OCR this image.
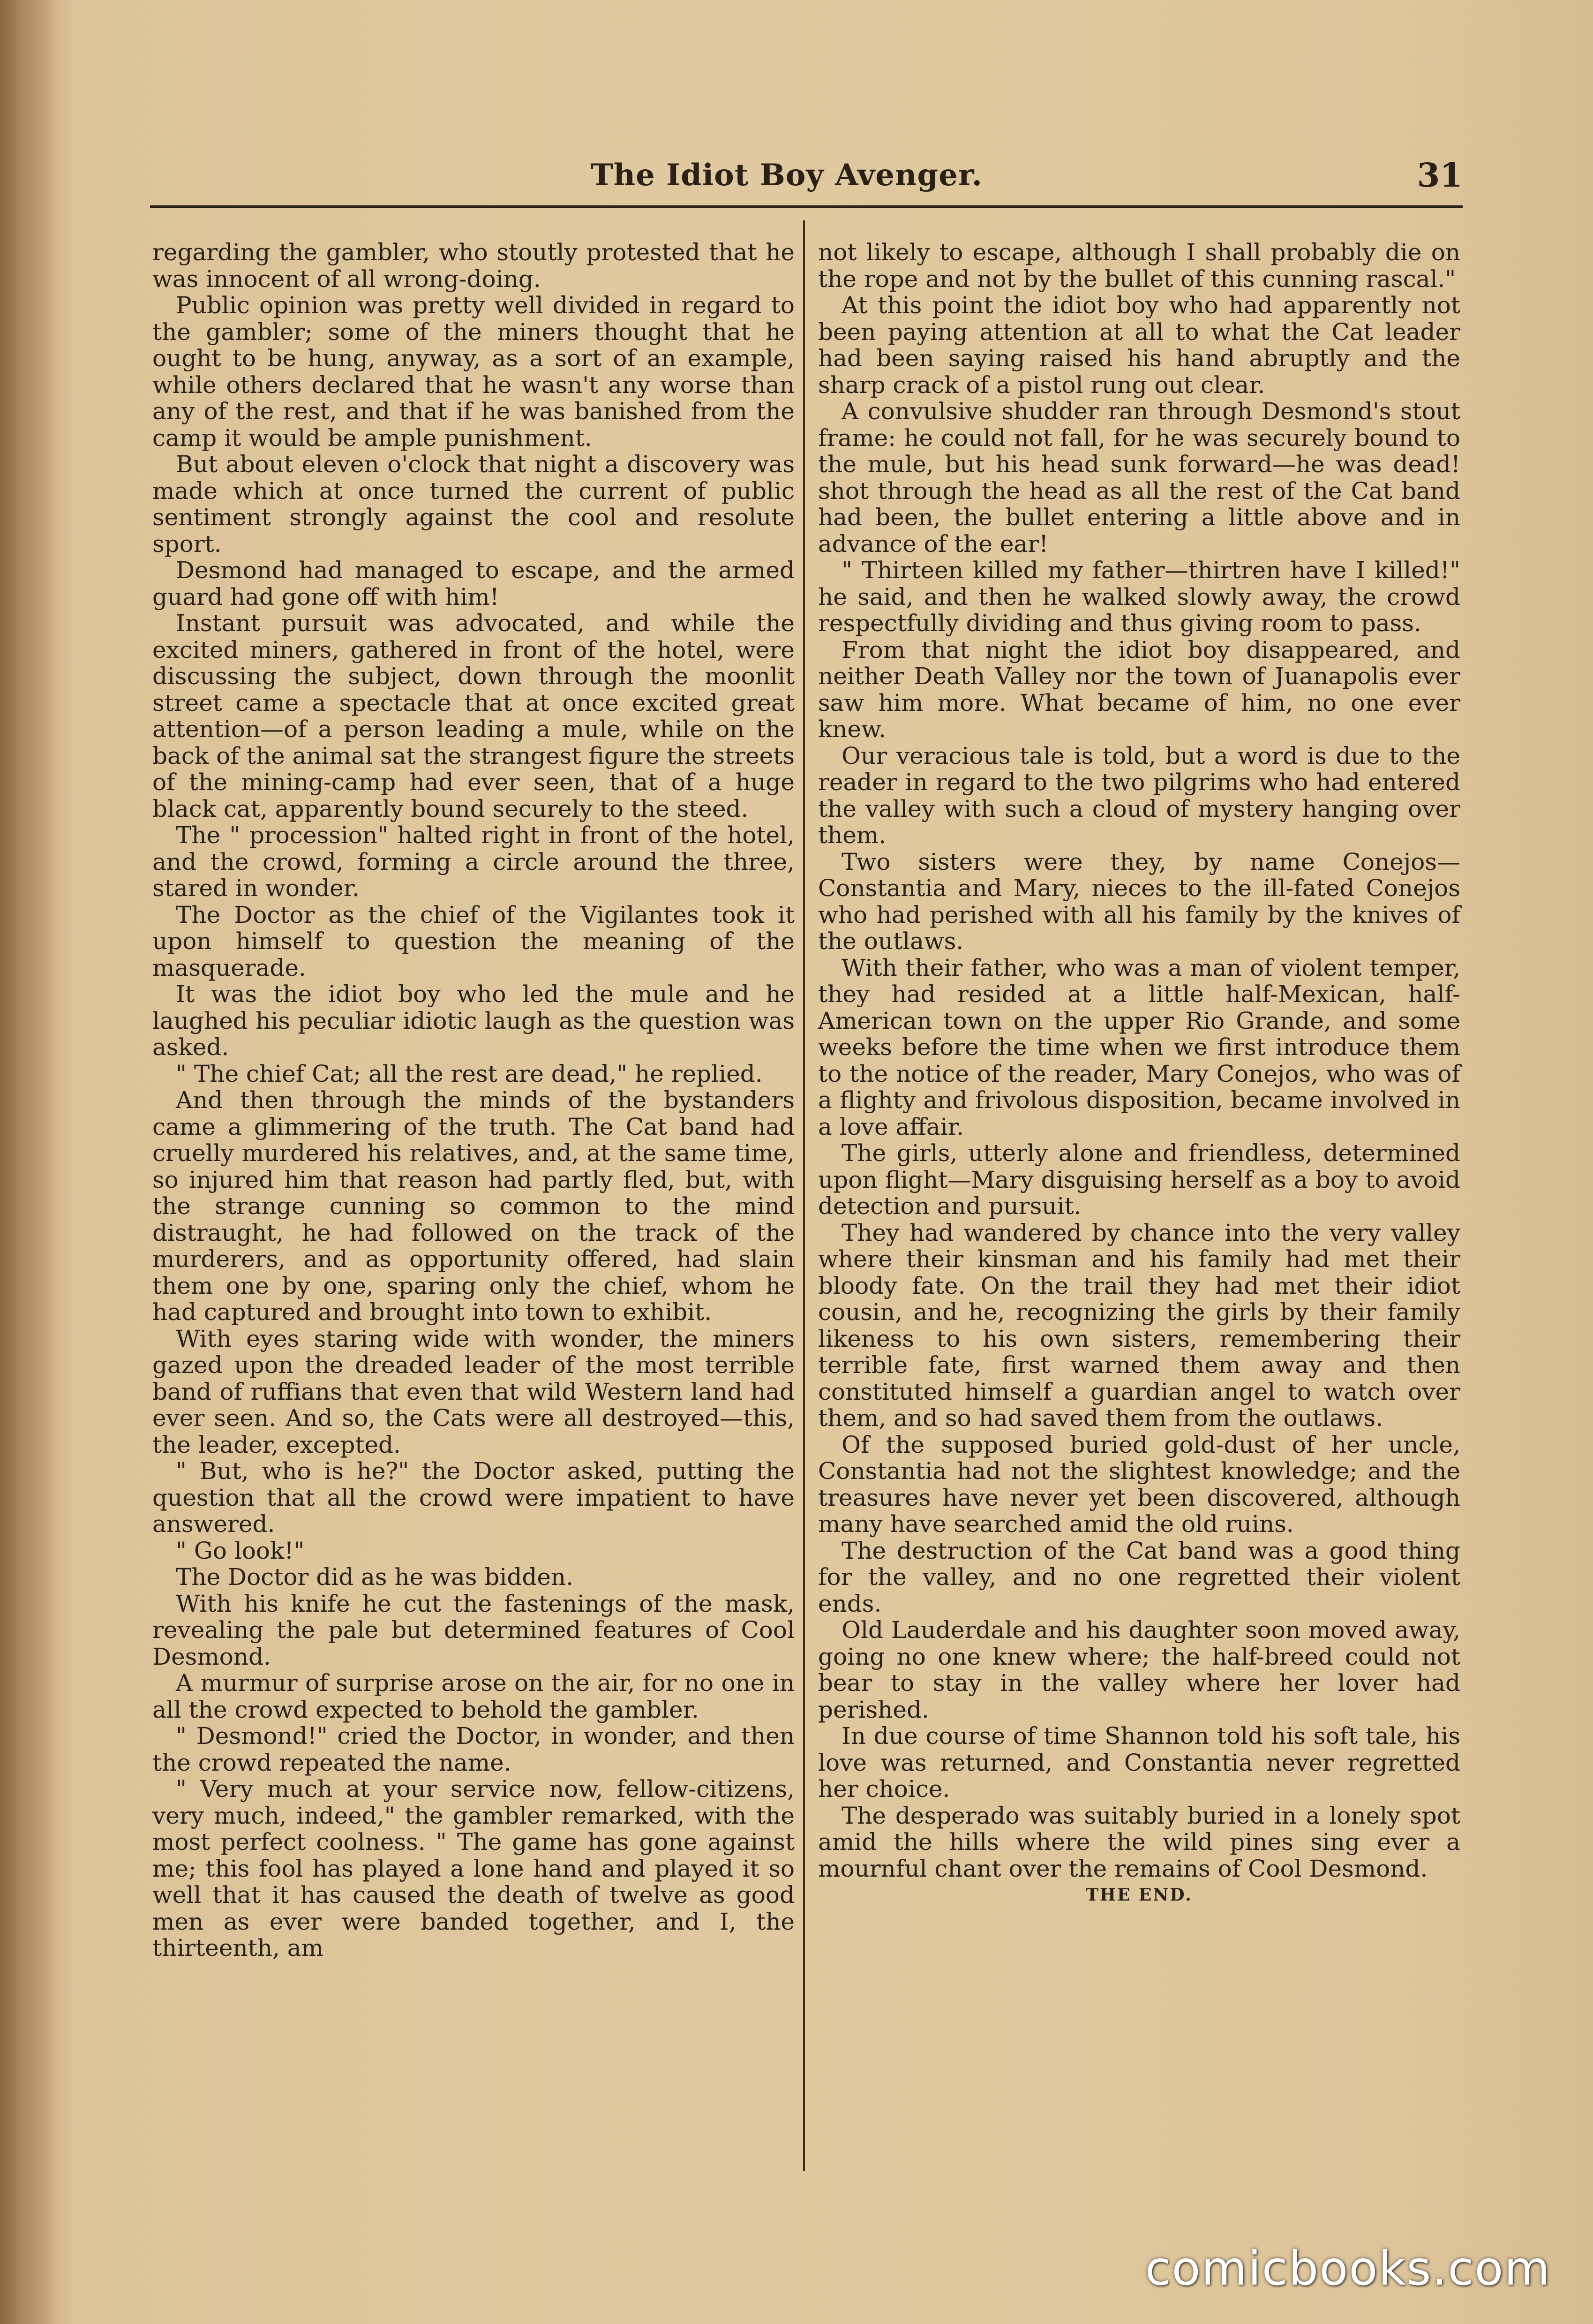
The Idiot Boy Avenger.	31

regarding the gambler, who stoutly protested that he was innocent of all wrong-doing.

Public opinion was pretty well divided in regard to the gambler; some of the miners thought that he ought to be hung, anyway, as a sort of an example, while others declared that he wasn't any worse than any of the rest, and that if he was banished from the camp it would be ample punishment.

But about eleven o'clock that night a discovery was made which at once turned the current of public sentiment strongly against the cool and resolute sport.

Desmond had managed to escape, and the armed guard had gone off with him!

Instant pursuit was advocated, and while the excited miners, gathered in front of the hotel, were discussing the subject, down through the moonlit street came a spectacle that at once excited great attention—of a person leading a mule, while on the back of the animal sat the strangest figure the streets of the mining-camp had ever seen, that of a huge black cat, apparently bound securely to the steed.

The " procession" halted right in front of the hotel, and the crowd, forming a circle around the three, stared in wonder.

The Doctor as the chief of the Vigilantes took it upon himself to question the meaning of the masquerade.

It was the idiot boy who led the mule and he laughed his peculiar idiotic laugh as the question was asked.

" The chief Cat; all the rest are dead," he replied.

And then through the minds of the bystanders came a glimmering of the truth. The Cat band had cruelly murdered his relatives, and, at the same time, so injured him that reason had partly fled, but, with the strange cunning so common to the mind distraught, he had followed on the track of the murderers, and as opportunity offered, had slain them one by one, sparing only the chief, whom he had captured and brought into town to exhibit.

With eyes staring wide with wonder, the miners gazed upon the dreaded leader of the most terrible band of ruffians that even that wild Western land had ever seen. And so, the Cats were all destroyed—this, the leader, excepted.

" But, who is he?" the Doctor asked, putting the question that all the crowd were impatient to have answered.

" Go look!"

The Doctor did as he was bidden.

With his knife he cut the fastenings of the mask, revealing the pale but determined features of Cool Desmond.

A murmur of surprise arose on the air, for no one in all the crowd expected to behold the gambler.

" Desmond!" cried the Doctor, in wonder, and then the crowd repeated the name.

" Very much at your service now, fellow-citizens, very much, indeed," the gambler remarked, with the most perfect coolness. " The game has gone against me; this fool has played a lone hand and played it so well that it has caused the death of twelve as good men as ever were banded together, and I, the thirteenth, am

not likely to escape, although I shall probably die on the rope and not by the bullet of this cunning rascal."

At this point the idiot boy who had apparently not been paying attention at all to what the Cat leader had been saying raised his hand abruptly and the sharp crack of a pistol rung out clear.

A convulsive shudder ran through Desmond's stout frame: he could not fall, for he was securely bound to the mule, but his head sunk forward—he was dead! shot through the head as all the rest of the Cat band had been, the bullet entering a little above and in advance of the ear!

" Thirteen killed my father—thirtren have I killed!" he said, and then he walked slowly away, the crowd respectfully dividing and thus giving room to pass.

From that night the idiot boy disappeared, and neither Death Valley nor the town of Juanapolis ever saw him more. What became of him, no one ever knew.

Our veracious tale is told, but a word is due to the reader in regard to the two pilgrims who had entered the valley with such a cloud of mystery hanging over them.

Two sisters were they, by name Conejos—Constantia and Mary, nieces to the ill-fated Conejos who had perished with all his family by the knives of the outlaws.

With their father, who was a man of violent temper, they had resided at a little half-Mexican, half-American town on the upper Rio Grande, and some weeks before the time when we first introduce them to the notice of the reader, Mary Conejos, who was of a flighty and frivolous disposition, became involved in a love affair.

The girls, utterly alone and friendless, determined upon flight—Mary disguising herself as a boy to avoid detection and pursuit.

They had wandered by chance into the very valley where their kinsman and his family had met their bloody fate. On the trail they had met their idiot cousin, and he, recognizing the girls by their family likeness to his own sisters, remembering their terrible fate, first warned them away and then constituted himself a guardian angel to watch over them, and so had saved them from the outlaws.

Of the supposed buried gold-dust of her uncle, Constantia had not the slightest knowledge; and the treasures have never yet been discovered, although many have searched amid the old ruins.

The destruction of the Cat band was a good thing for the valley, and no one regretted their violent ends.

Old Lauderdale and his daughter soon moved away, going no one knew where; the half-breed could not bear to stay in the valley where her lover had perished.

In due course of time Shannon told his soft tale, his love was returned, and Constantia never regretted her choice.

The desperado was suitably buried in a lonely spot amid the hills where the wild pines sing ever a mournful chant over the remains of Cool Desmond.

THE END.

comicbooks.com
